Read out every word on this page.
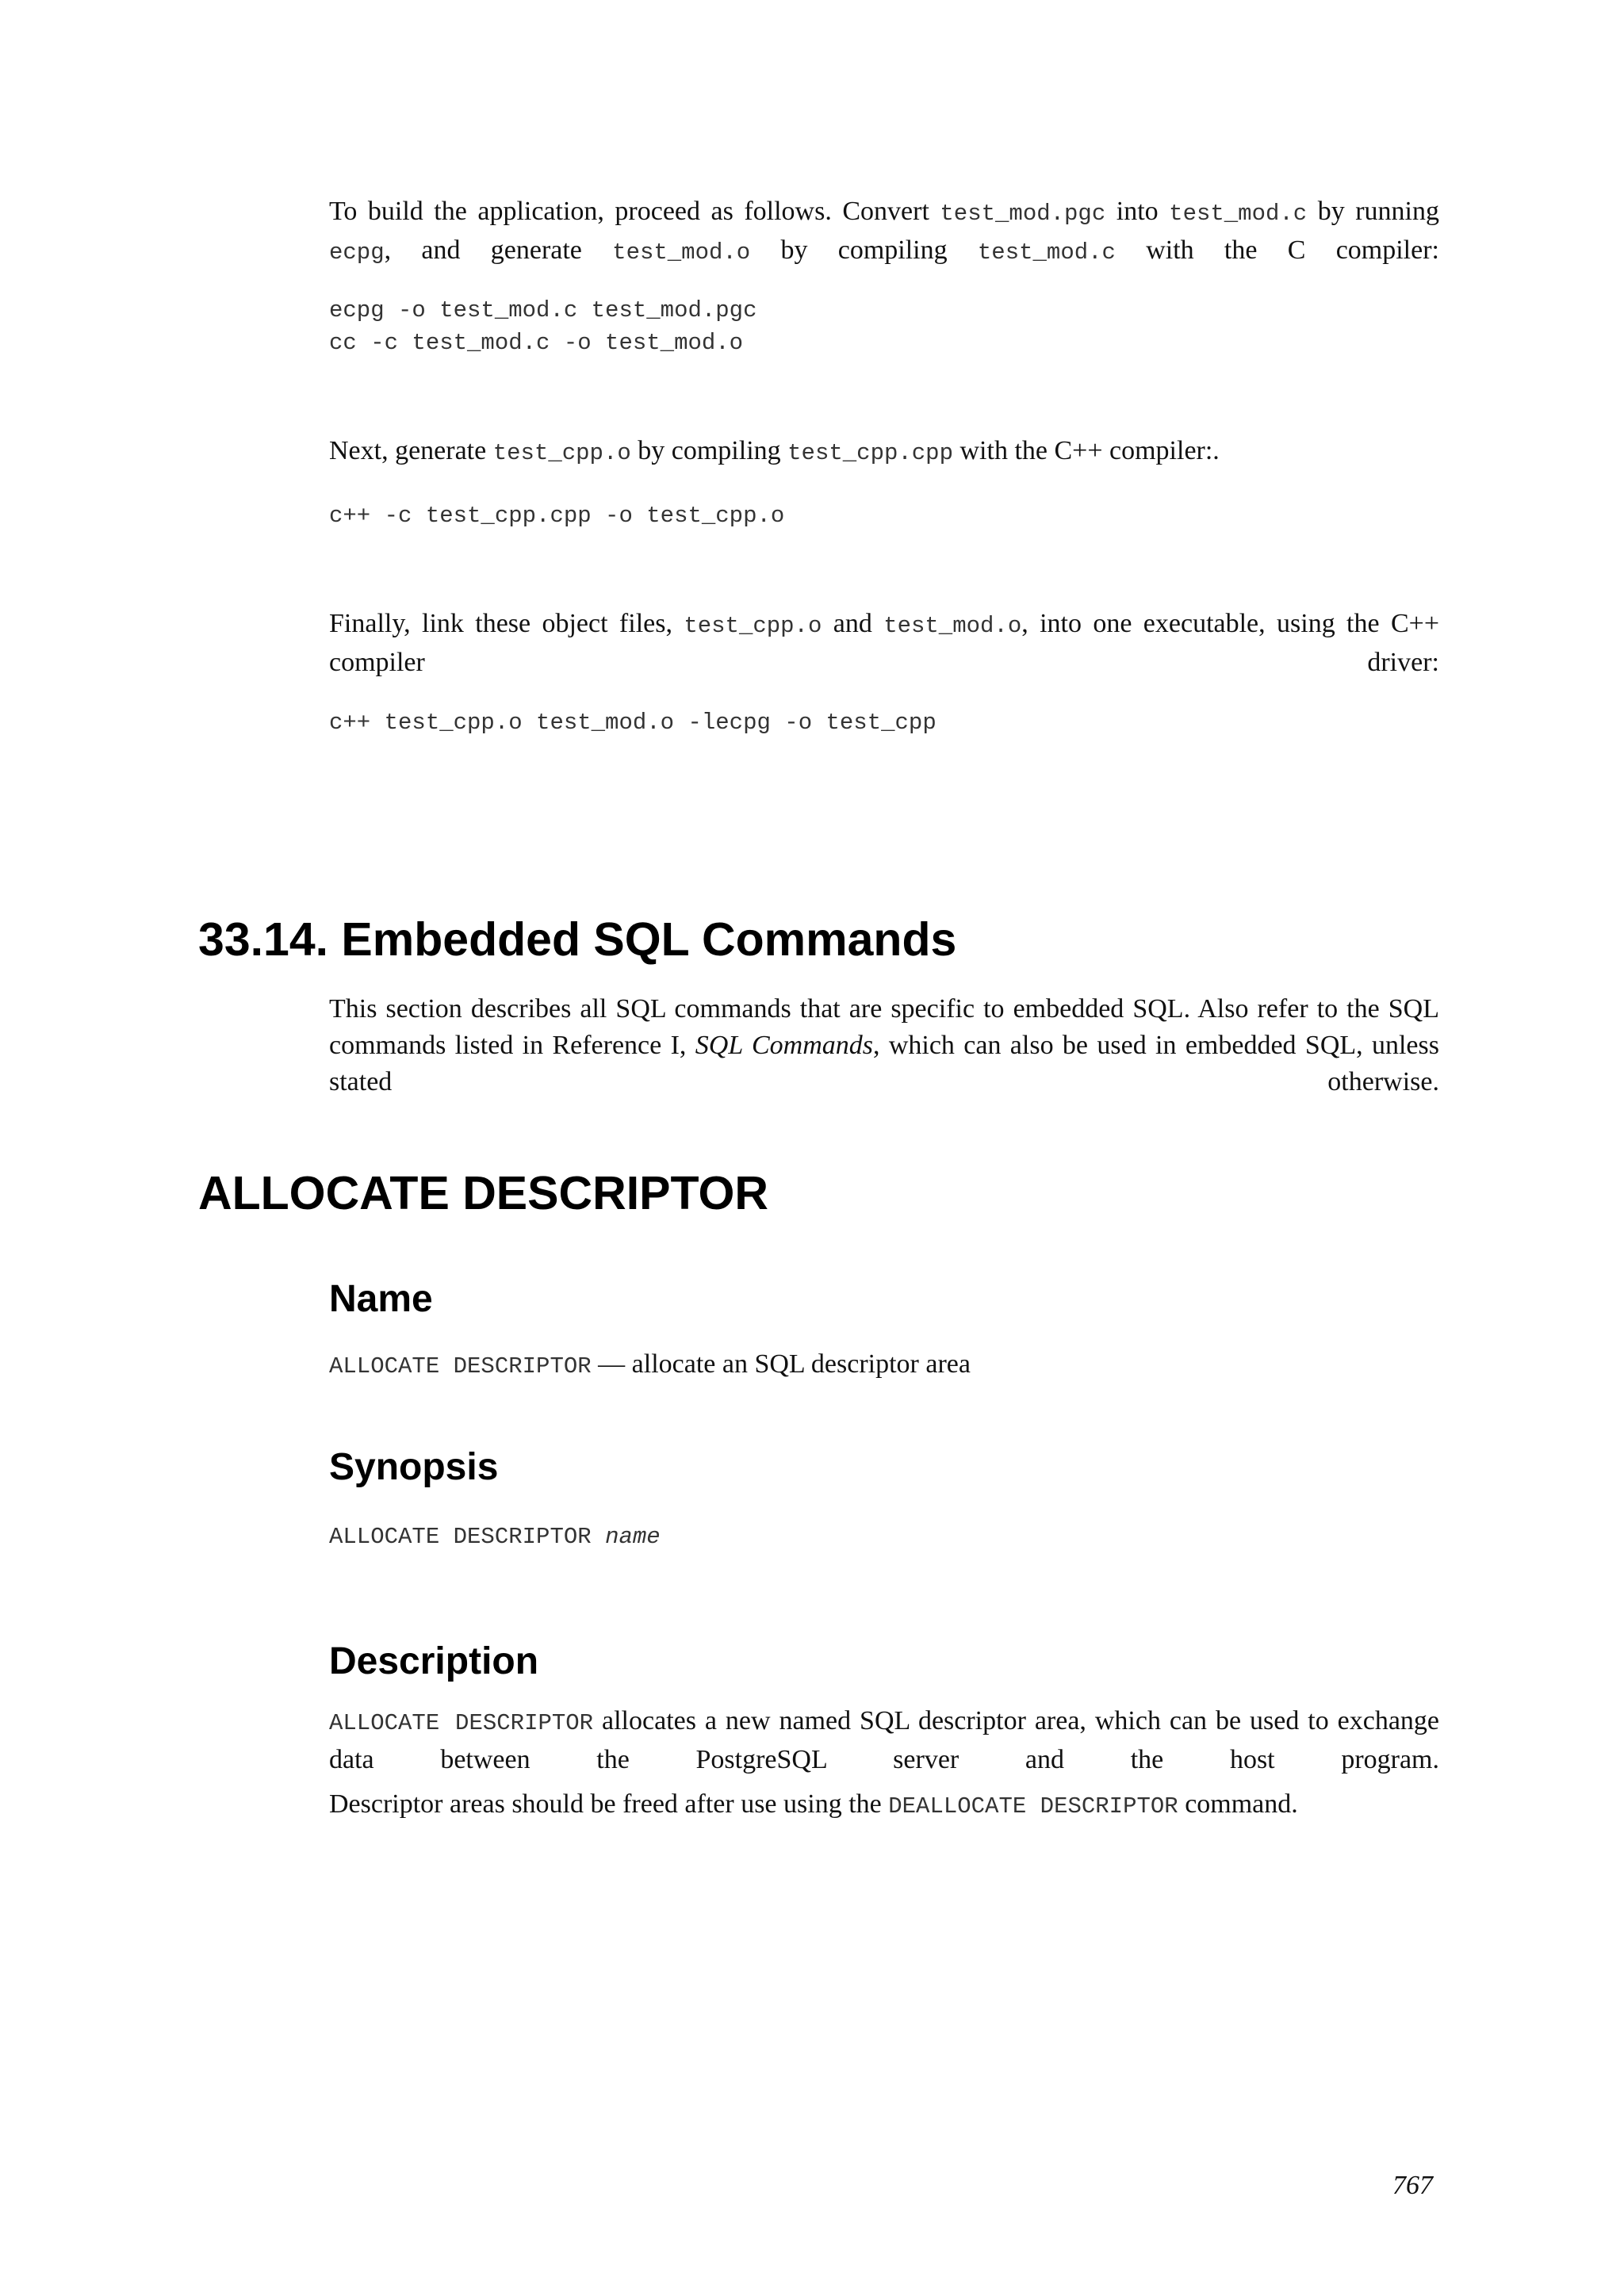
To build the application, proceed as follows. Convert test_mod.pgc into test_mod.c by running ecpg, and generate test_mod.o by compiling test_mod.c with the C compiler:

ecpg -o test_mod.c test_mod.pgc
cc -c test_mod.c -o test_mod.o

Next, generate test_cpp.o by compiling test_cpp.cpp with the C++ compiler:.

c++ -c test_cpp.cpp -o test_cpp.o

Finally, link these object files, test_cpp.o and test_mod.o, into one executable, using the C++ compiler driver:

c++ test_cpp.o test_mod.o -lecpg -o test_cpp
33.14. Embedded SQL Commands

This section describes all SQL commands that are specific to embedded SQL. Also refer to the SQL commands listed in Reference I, SQL Commands, which can also be used in embedded SQL, unless stated otherwise.

ALLOCATE DESCRIPTOR
Name

ALLOCATE DESCRIPTOR — allocate an SQL descriptor area

Synopsis

ALLOCATE DESCRIPTOR name

Description

ALLOCATE DESCRIPTOR allocates a new named SQL descriptor area, which can be used to exchange data between the PostgreSQL server and the host program.

Descriptor areas should be freed after use using the DEALLOCATE DESCRIPTOR command.

767
